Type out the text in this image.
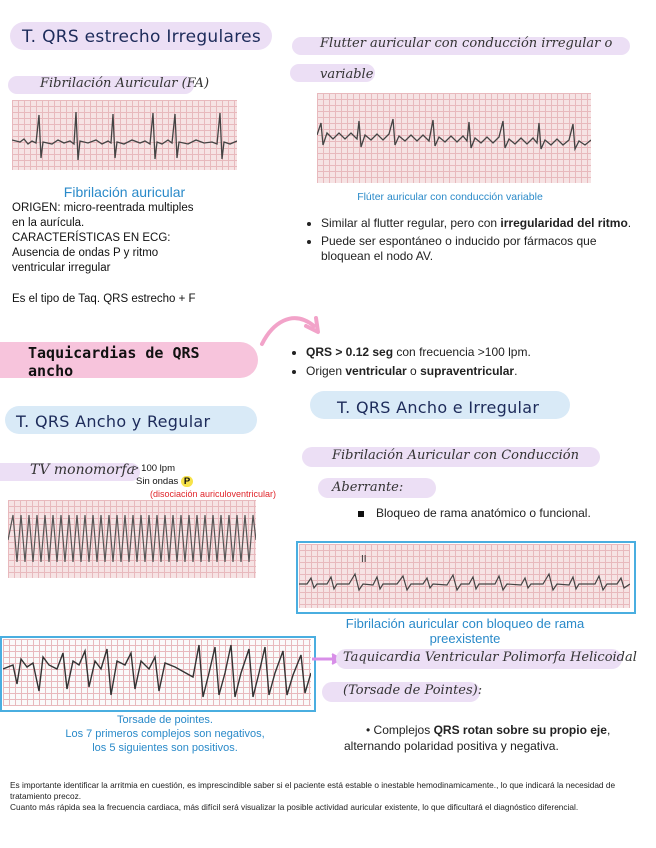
T. QRS estrecho Irregulares
Fibrilación Auricular (FA)
Fibrilación auricular
ORIGEN: micro-reentrada multiples
en la aurícula.
CARACTERÍSTICAS EN ECG:
Ausencia de ondas P y ritmo
ventricular irregular
Es el tipo de Taq. QRS estrecho + F
Flutter auricular con conducción irregular o
variable
Flúter auricular con conducción variable
• Similar al flutter regular, pero con irregularidad del ritmo.
• Puede ser espontáneo o inducido por fármacos que bloquean el nodo AV.
Taquicardias de QRS
ancho
• QRS > 0.12 seg con frecuencia >100 lpm.
• Origen ventricular o supraventricular.
T. QRS Ancho y Regular
TV monomorfa
> 100 lpm
Sin ondas P
(disociación auriculoventricular)
Torsade de pointes.
Los 7 primeros complejos son negativos,
los 5 siguientes son positivos.
T. QRS Ancho e Irregular
Fibrilación Auricular con Conducción
Aberrante:
Bloqueo de rama anatómico o funcional.
II
Fibrilación auricular con bloqueo de rama
preexistente
Taquicardia Ventricular Polimorfa Helicoidal
(Torsade de Pointes):
• Complejos QRS rotan sobre su propio eje,
alternando polaridad positiva y negativa.
Es importante identificar la arritmia en cuestión, es imprescindible saber si el paciente está estable o inestable hemodinamicamente., lo que indicará la necesidad de tratamiento precoz.
Cuanto más rápida sea la frecuencia cardiaca, más difícil será visualizar la posible actividad auricular existente, lo que dificultará el diagnóstico diferencial.
